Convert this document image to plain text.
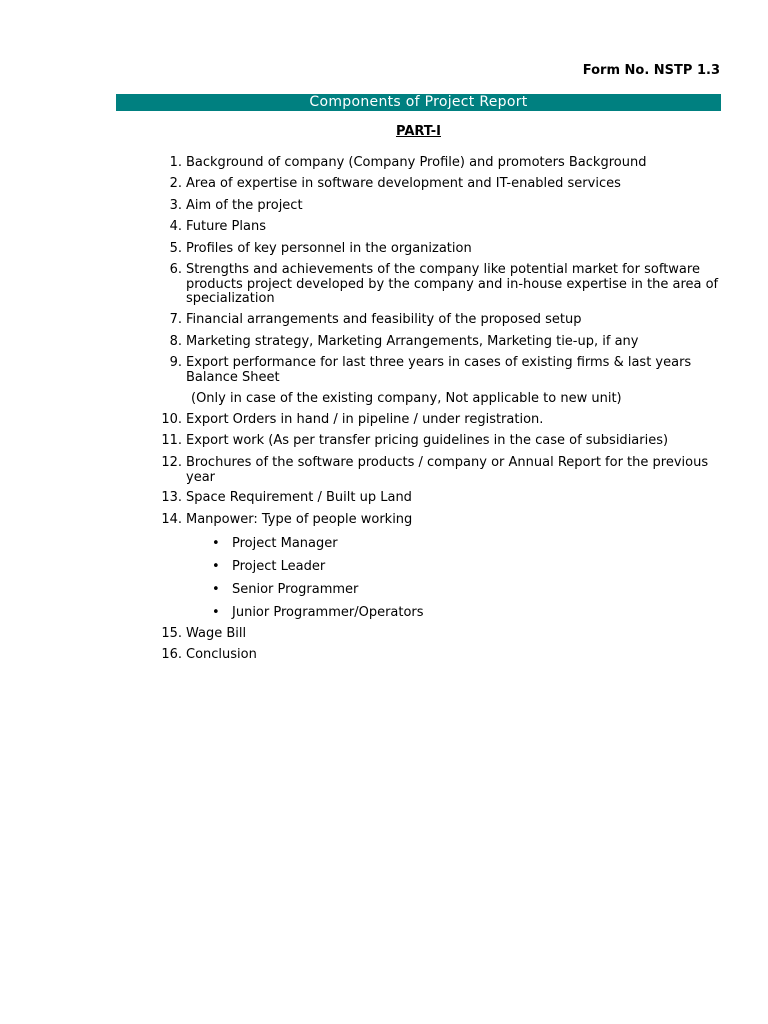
Form No. NSTP 1.3
Components of Project Report
PART-I
1. Background of company (Company Profile) and promoters Background
2. Area of expertise in software development and IT-enabled services
3. Aim of the project
4. Future Plans
5. Profiles of key personnel in the organization
6. Strengths and achievements of the company like potential market for software products project developed by the company and in-house expertise in the area of specialization
7. Financial arrangements and feasibility of the proposed setup
8. Marketing strategy, Marketing Arrangements, Marketing tie-up, if any
9. Export performance for last three years in cases of existing firms & last years Balance Sheet
(Only in case of the existing company, Not applicable to new unit)
10. Export Orders in hand / in pipeline / under registration.
11. Export work (As per transfer pricing guidelines in the case of subsidiaries)
12. Brochures of the software products / company or Annual Report for the previous year
13. Space Requirement / Built up Land
14. Manpower: Type of people working
• Project Manager
• Project Leader
• Senior Programmer
• Junior Programmer/Operators
15. Wage Bill
16. Conclusion
